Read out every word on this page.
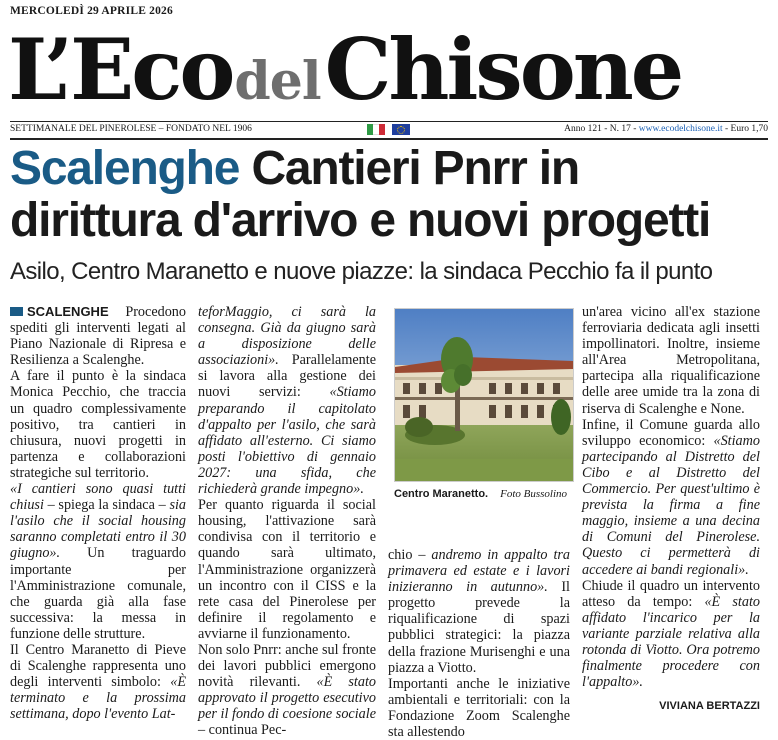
MERCOLEDÌ 29 APRILE 2026
L’EcodelChisone
SETTIMANALE DEL PINEROLESE – FONDATO NEL 1906	Anno 121 - N. 17 - www.ecodelchisone.it - Euro 1,70
Scalenghe Cantieri Pnrr in
dirittura d'arrivo e nuovi progetti
Asilo, Centro Maranetto e nuove piazze: la sindaca Pecchio fa il punto

SCALENGHE Procedono spediti gli interventi legati al Piano Nazionale di Ripresa e Resilienza a Scalenghe.

A fare il punto è la sindaca Monica Pecchio, che traccia un quadro complessivamente positivo, tra cantieri in chiusura, nuovi progetti in partenza e collaborazioni strategiche sul territorio.

«I cantieri sono quasi tutti chiusi – spiega la sindaca – sia l'asilo che il social housing saranno completati entro il 30 giugno». Un traguardo importante per l'Amministrazione comunale, che guarda già alla fase successiva: la messa in funzione delle strutture.

Il Centro Maranetto di Pieve di Scalenghe rappresenta uno degli interventi simbolo: «È terminato e la prossima settimana, dopo l'evento Lat-

teforMaggio, ci sarà la consegna. Già da giugno sarà a disposizione delle associazioni». Parallelamente si lavora alla gestione dei nuovi servizi: «Stiamo preparando il capitolato d'appalto per l'asilo, che sarà affidato all'esterno. Ci siamo posti l'obiettivo di gennaio 2027: una sfida, che richiederà grande impegno».

Per quanto riguarda il social housing, l'attivazione sarà condivisa con il territorio e quando sarà ultimato, l'Amministrazione organizzerà un incontro con il CISS e la rete casa del Pinerolese per definire il regolamento e avviarne il funzionamento.

Non solo Pnrr: anche sul fronte dei lavori pubblici emergono novità rilevanti. «È stato approvato il progetto esecutivo per il fondo di coesione sociale – continua Pec-

Centro Maranetto. Foto Bussolino

chio – andremo in appalto tra primavera ed estate e i lavori inizieranno in autunno». Il progetto prevede la riqualificazione di spazi pubblici strategici: la piazza della frazione Murisenghi e una piazza a Viotto.

Importanti anche le iniziative ambientali e territoriali: con la Fondazione Zoom Scalenghe sta allestendo

un'area vicino all'ex stazione ferroviaria dedicata agli insetti impollinatori. Inoltre, insieme all'Area Metropolitana, partecipa alla riqualificazione delle aree umide tra la zona di riserva di Scalenghe e None.

Infine, il Comune guarda allo sviluppo economico: «Stiamo partecipando al Distretto del Cibo e al Distretto del Commercio. Per quest'ultimo è prevista la firma a fine maggio, insieme a una decina di Comuni del Pinerolese. Questo ci permetterà di accedere ai bandi regionali».

Chiude il quadro un intervento atteso da tempo: «È stato affidato l'incarico per la variante parziale relativa alla rotonda di Viotto. Ora potremo finalmente procedere con l'appalto».

VIVIANA BERTAZZI
